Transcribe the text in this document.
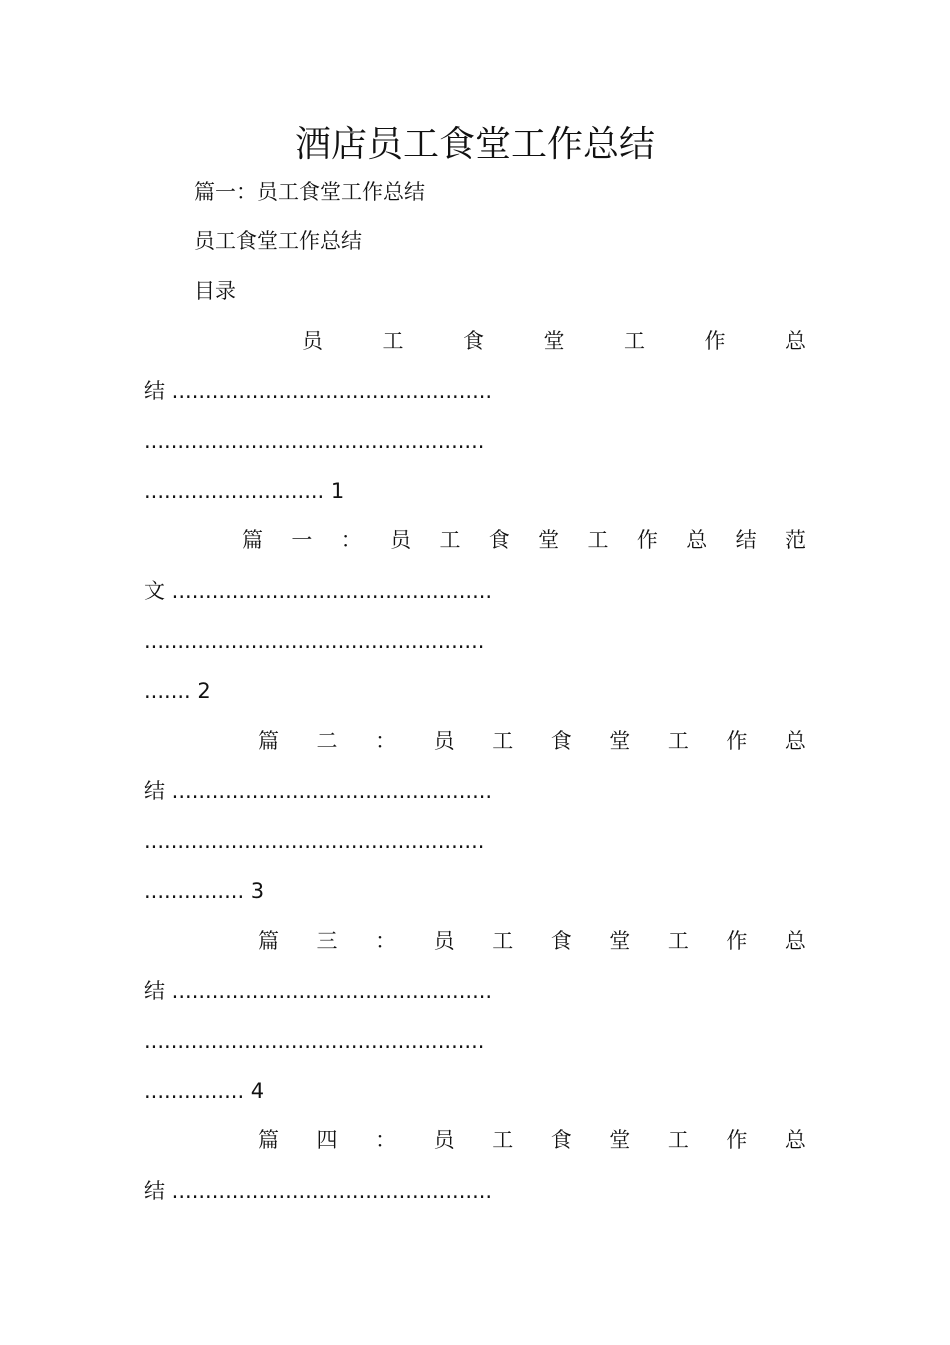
酒店员工食堂工作总结
篇一：员工食堂工作总结
员工食堂工作总结
目录
员	工	食	堂	工	作	总
结 ................................................
...................................................
........................... 1
篇 一 ： 员 工 食 堂 工 作 总 结 范
文 ................................................
...................................................
....... 2
篇 二 ： 员 工 食 堂 工 作 总
结 ................................................
...................................................
............... 3
篇 三 ： 员 工 食 堂 工 作 总
结 ................................................
...................................................
............... 4
篇 四 ： 员 工 食 堂 工 作 总
结 ................................................
